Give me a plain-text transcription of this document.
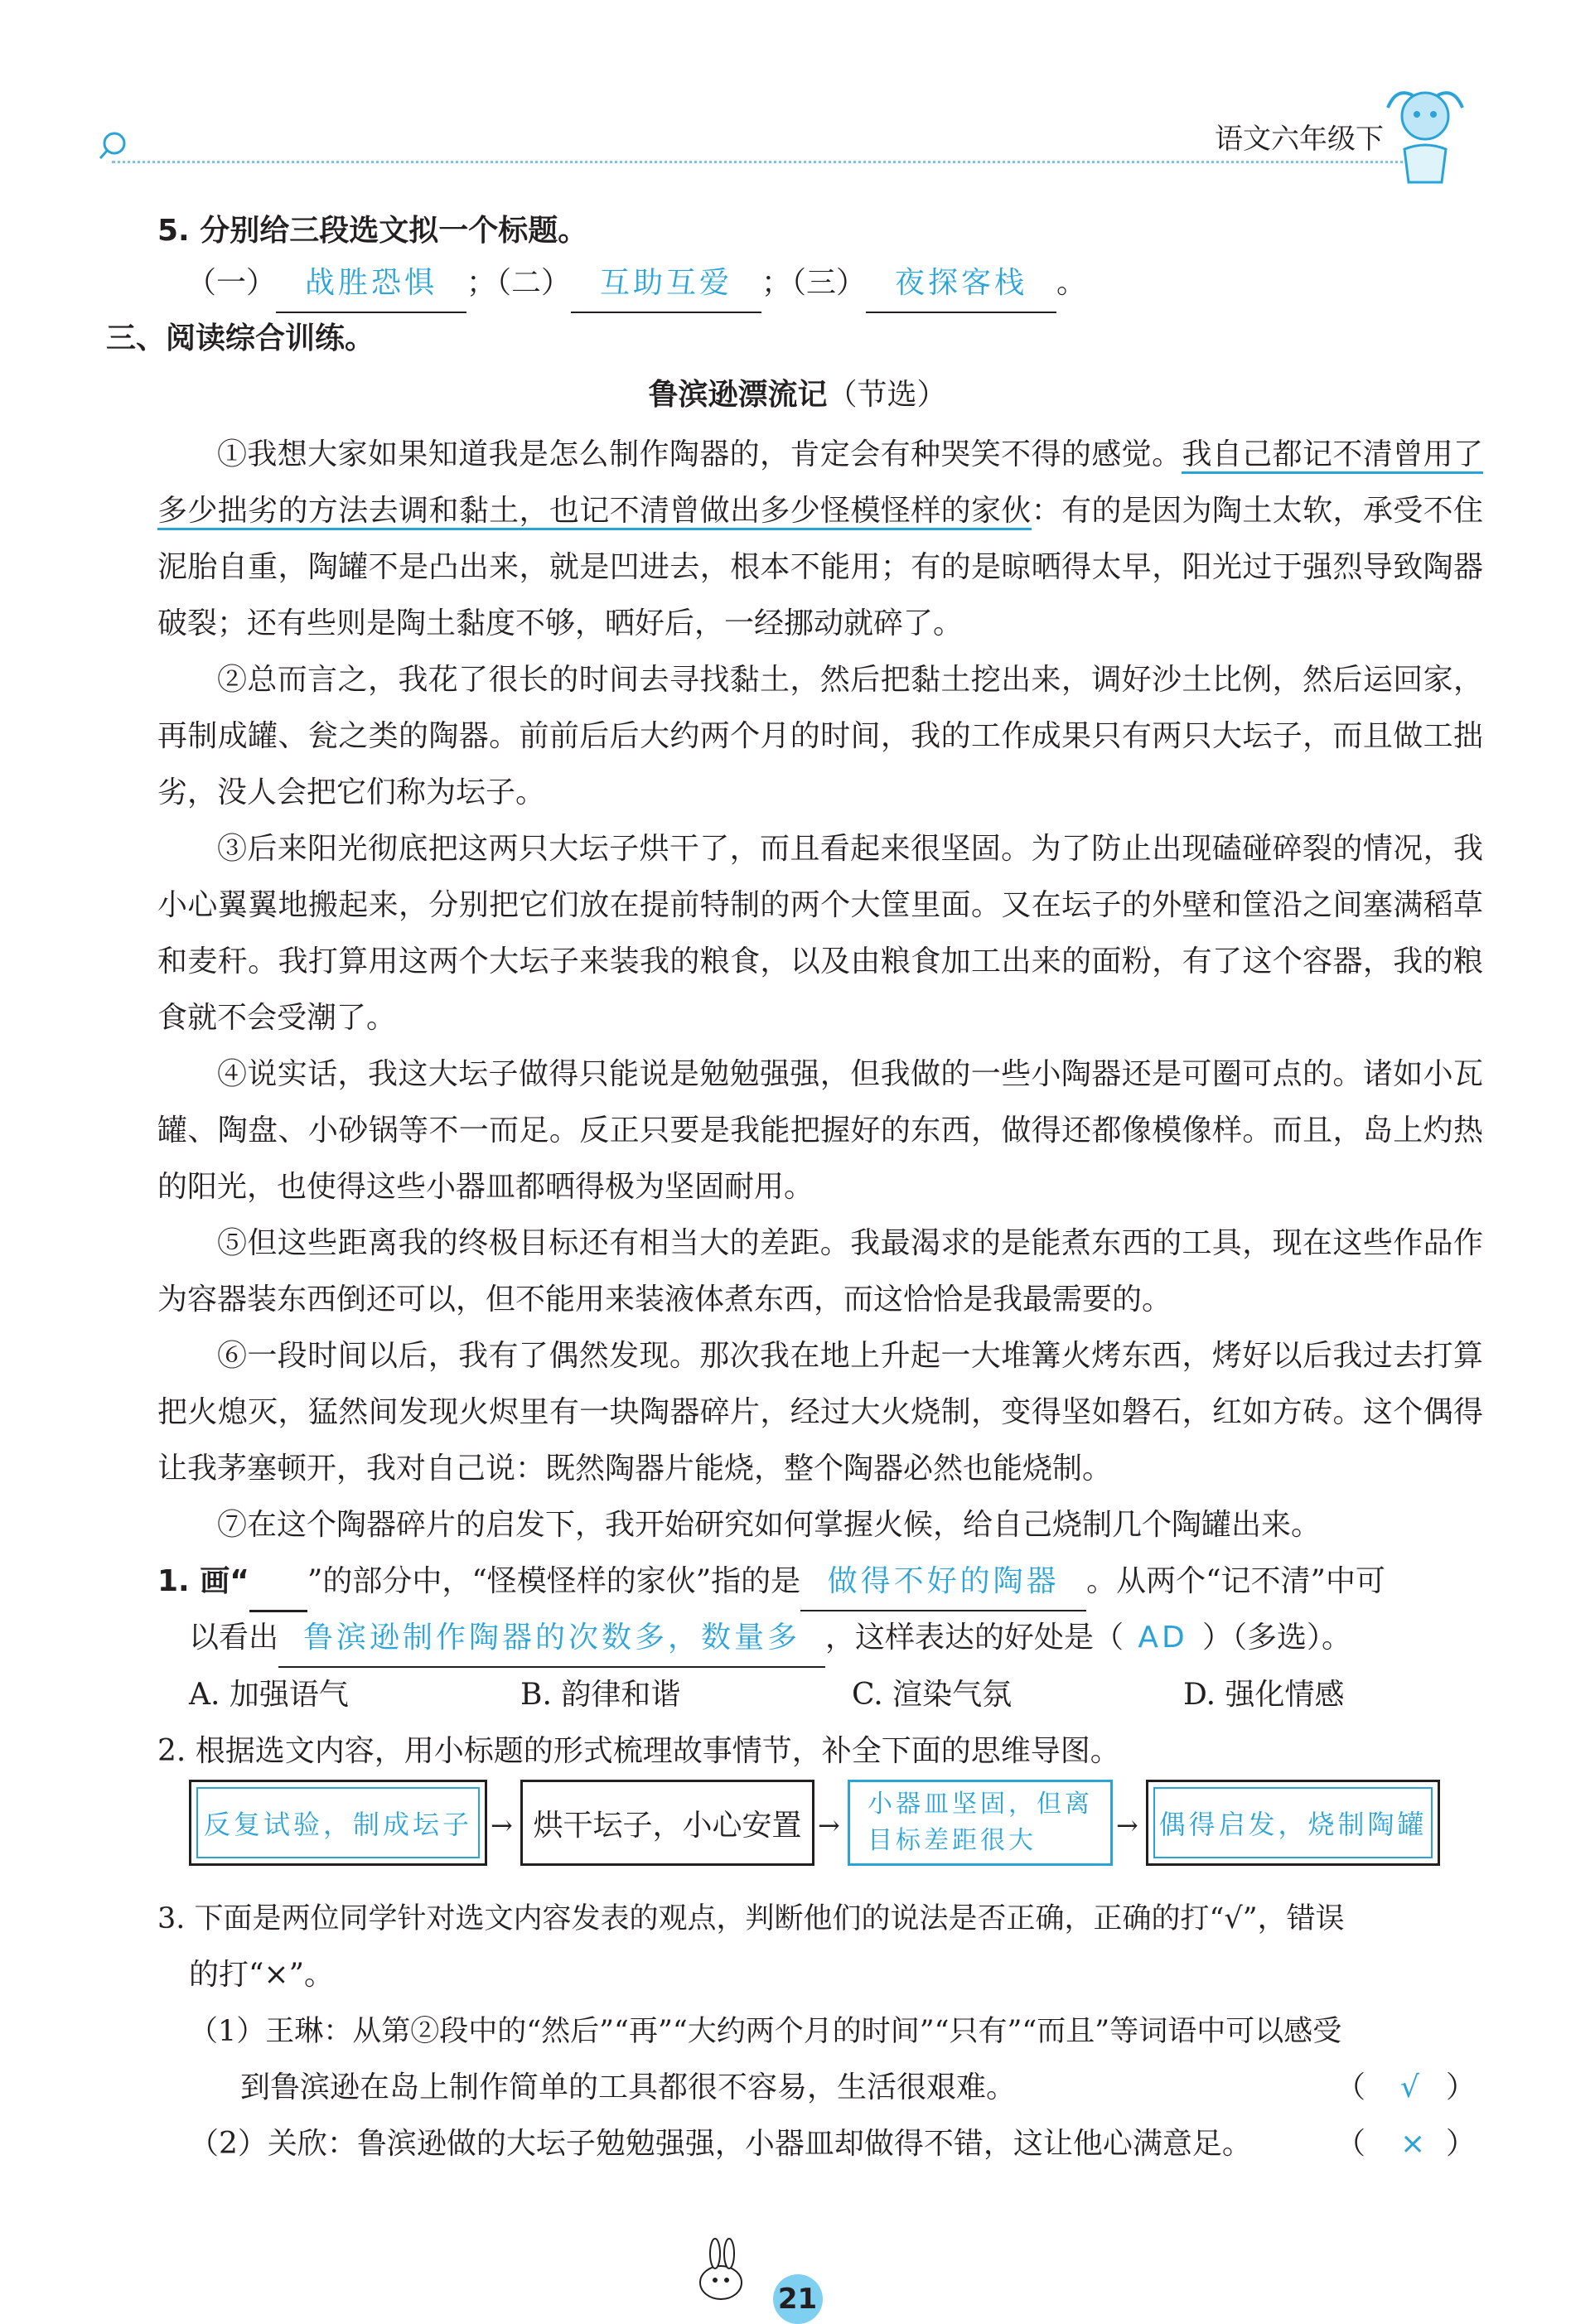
语文六年级下
5. 分别给三段选文拟一个标题。
（一） 战胜恐惧 ；（二） 互助互爱 ；（三） 夜探客栈 。
三、阅读综合训练。
鲁滨逊漂流记（节选）
①我想大家如果知道我是怎么制作陶器的，肯定会有种哭笑不得的感觉。我自己都记不清曾用了多少拙劣的方法去调和黏土，也记不清曾做出多少怪模怪样的家伙：有的是因为陶土太软，承受不住泥胎自重，陶罐不是凸出来，就是凹进去，根本不能用；有的是晾晒得太早，阳光过于强烈导致陶器破裂；还有些则是陶土黏度不够，晒好后，一经挪动就碎了。
②总而言之，我花了很长的时间去寻找黏土，然后把黏土挖出来，调好沙土比例，然后运回家，再制成罐、瓮之类的陶器。前前后后大约两个月的时间，我的工作成果只有两只大坛子，而且做工拙劣，没人会把它们称为坛子。
③后来阳光彻底把这两只大坛子烘干了，而且看起来很坚固。为了防止出现磕碰碎裂的情况，我小心翼翼地搬起来，分别把它们放在提前特制的两个大筐里面。又在坛子的外壁和筐沿之间塞满稻草和麦秆。我打算用这两个大坛子来装我的粮食，以及由粮食加工出来的面粉，有了这个容器，我的粮食就不会受潮了。
④说实话，我这大坛子做得只能说是勉勉强强，但我做的一些小陶器还是可圈可点的。诸如小瓦罐、陶盘、小砂锅等不一而足。反正只要是我能把握好的东西，做得还都像模像样。而且，岛上灼热的阳光，也使得这些小器皿都晒得极为坚固耐用。
⑤但这些距离我的终极目标还有相当大的差距。我最渴求的是能煮东西的工具，现在这些作品作为容器装东西倒还可以，但不能用来装液体煮东西，而这恰恰是我最需要的。
⑥一段时间以后，我有了偶然发现。那次我在地上升起一大堆篝火烤东西，烤好以后我过去打算把火熄灭，猛然间发现火烬里有一块陶器碎片，经过大火烧制，变得坚如磐石，红如方砖。这个偶得让我茅塞顿开，我对自己说：既然陶器片能烧，整个陶器必然也能烧制。
⑦在这个陶器碎片的启发下，我开始研究如何掌握火候，给自己烧制几个陶罐出来。
1. 画“ ”的部分中，“怪模怪样的家伙”指的是 做得不好的陶器 。从两个“记不清”中可
以看出 鲁滨逊制作陶器的次数多，数量多 ，这样表达的好处是（ AD ）（多选）。
A. 加强语气	B. 韵律和谐	C. 渲染气氛	D. 强化情感
2. 根据选文内容，用小标题的形式梳理故事情节，补全下面的思维导图。
反复试验，制成坛子 → 烘干坛子，小心安置 →
小器皿坚固，但离
目标差距很大	→ 偶得启发，烧制陶罐
3. 下面是两位同学针对选文内容发表的观点，判断他们的说法是否正确，正确的打“√”，错误
的打“×”。
（1）王琳：从第②段中的“然后”“再”“大约两个月的时间”“只有”“而且”等词语中可以感受
到鲁滨逊在岛上制作简单的工具都很不容易，生活很艰难。	（ √ ）
（2）关欣：鲁滨逊做的大坛子勉勉强强，小器皿却做得不错，这让他心满意足。	（ × ）
21
